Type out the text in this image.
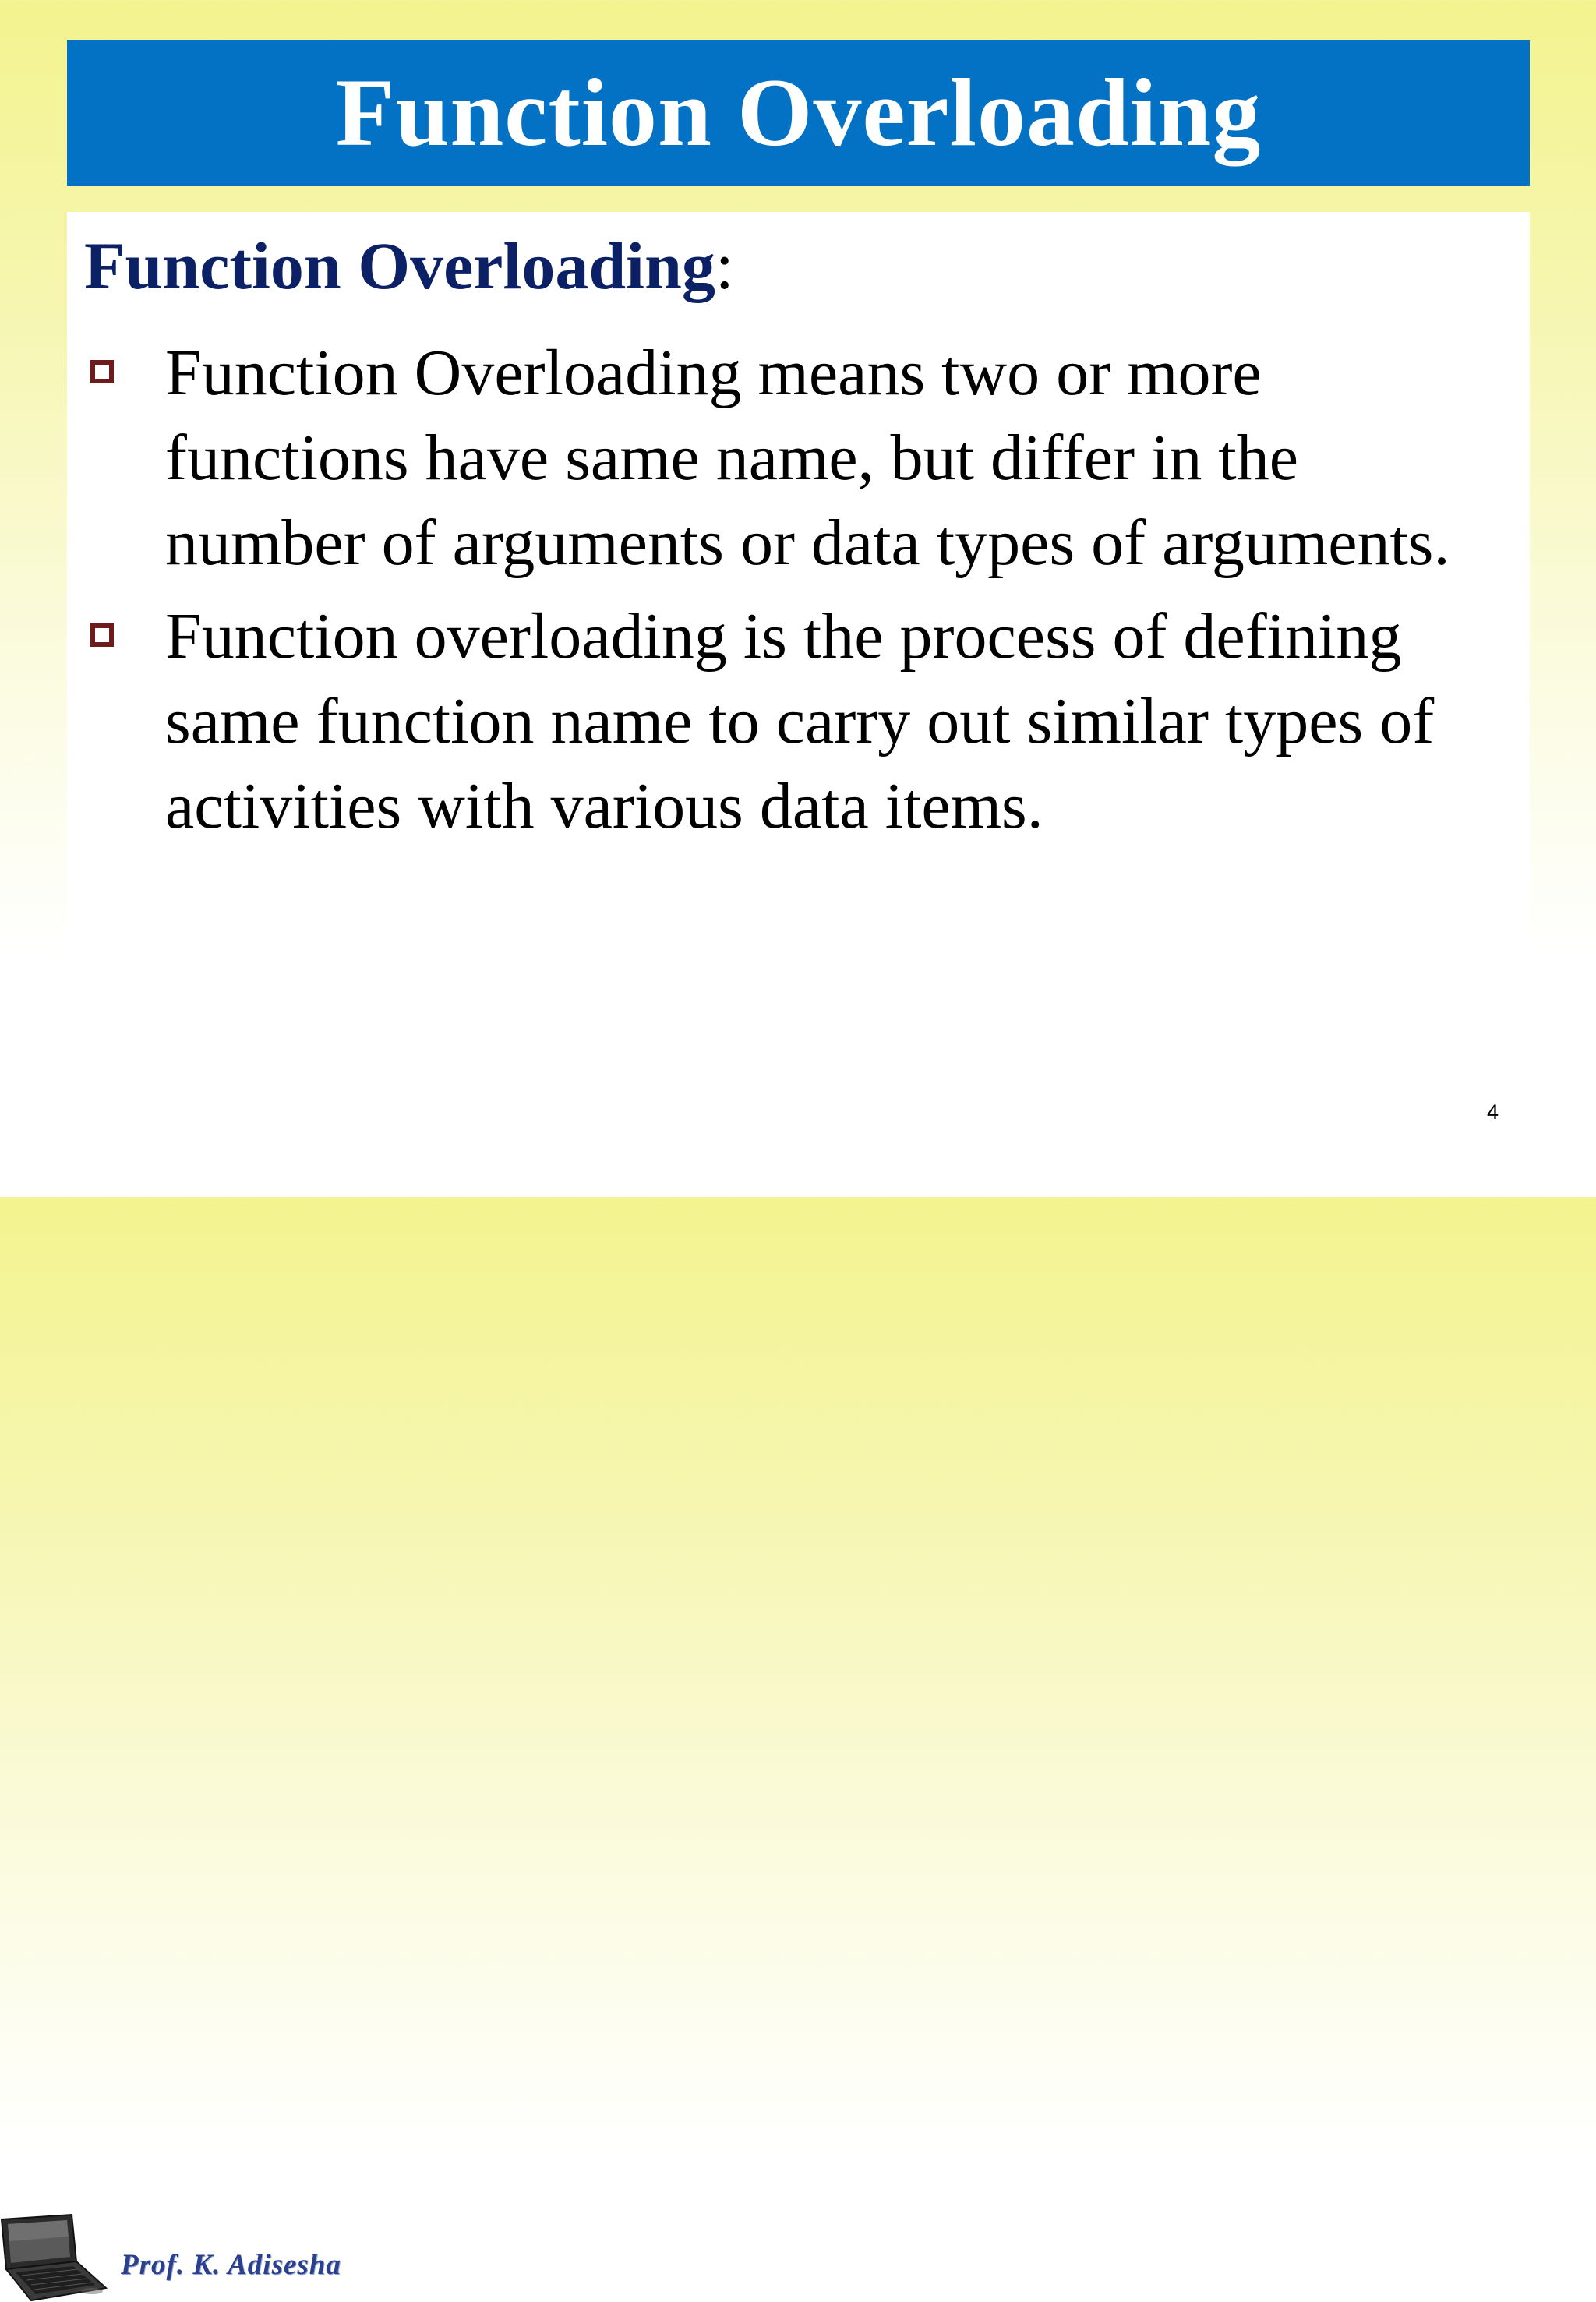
Function Overloading
Function Overloading:
Function Overloading means two or more functions have same name, but differ in the number of arguments or data types of arguments.
Function overloading is the process of defining same function name to carry out similar types of activities with various data items.
4
Prof. K. Adisesha
